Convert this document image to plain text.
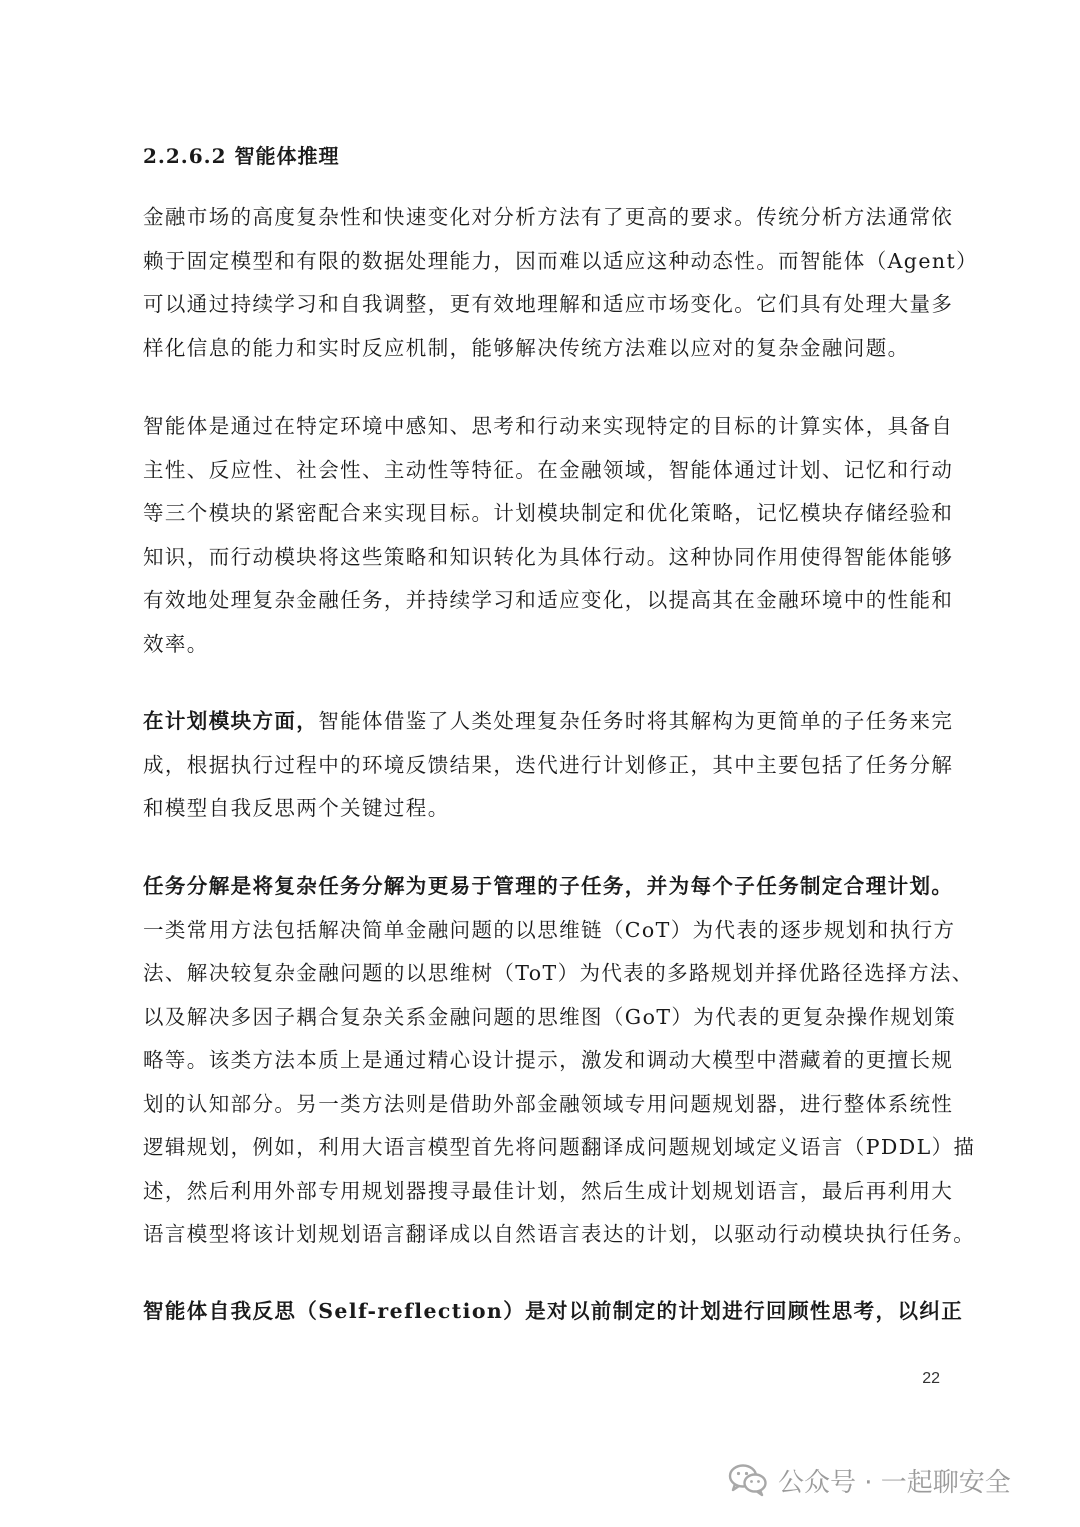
2.2.6.2 智能体推理
金融市场的高度复杂性和快速变化对分析方法有了更高的要求。传统分析方法通常依
赖于固定模型和有限的数据处理能力，因而难以适应这种动态性。而智能体（Agent）
可以通过持续学习和自我调整，更有效地理解和适应市场变化。它们具有处理大量多
样化信息的能力和实时反应机制，能够解决传统方法难以应对的复杂金融问题。
智能体是通过在特定环境中感知、思考和行动来实现特定的目标的计算实体，具备自
主性、反应性、社会性、主动性等特征。在金融领域，智能体通过计划、记忆和行动
等三个模块的紧密配合来实现目标。计划模块制定和优化策略，记忆模块存储经验和
知识，而行动模块将这些策略和知识转化为具体行动。这种协同作用使得智能体能够
有效地处理复杂金融任务，并持续学习和适应变化，以提高其在金融环境中的性能和
效率。
在计划模块方面，智能体借鉴了人类处理复杂任务时将其解构为更简单的子任务来完
成，根据执行过程中的环境反馈结果，迭代进行计划修正，其中主要包括了任务分解
和模型自我反思两个关键过程。
任务分解是将复杂任务分解为更易于管理的子任务，并为每个子任务制定合理计划。
一类常用方法包括解决简单金融问题的以思维链（CoT）为代表的逐步规划和执行方
法、解决较复杂金融问题的以思维树（ToT）为代表的多路规划并择优路径选择方法、
以及解决多因子耦合复杂关系金融问题的思维图（GoT）为代表的更复杂操作规划策
略等。该类方法本质上是通过精心设计提示，激发和调动大模型中潜藏着的更擅长规
划的认知部分。另一类方法则是借助外部金融领域专用问题规划器，进行整体系统性
逻辑规划，例如，利用大语言模型首先将问题翻译成问题规划域定义语言（PDDL）描
述，然后利用外部专用规划器搜寻最佳计划，然后生成计划规划语言，最后再利用大
语言模型将该计划规划语言翻译成以自然语言表达的计划，以驱动行动模块执行任务。
智能体自我反思（Self-reflection）是对以前制定的计划进行回顾性思考，以纠正
22
公众号 · 一起聊安全
